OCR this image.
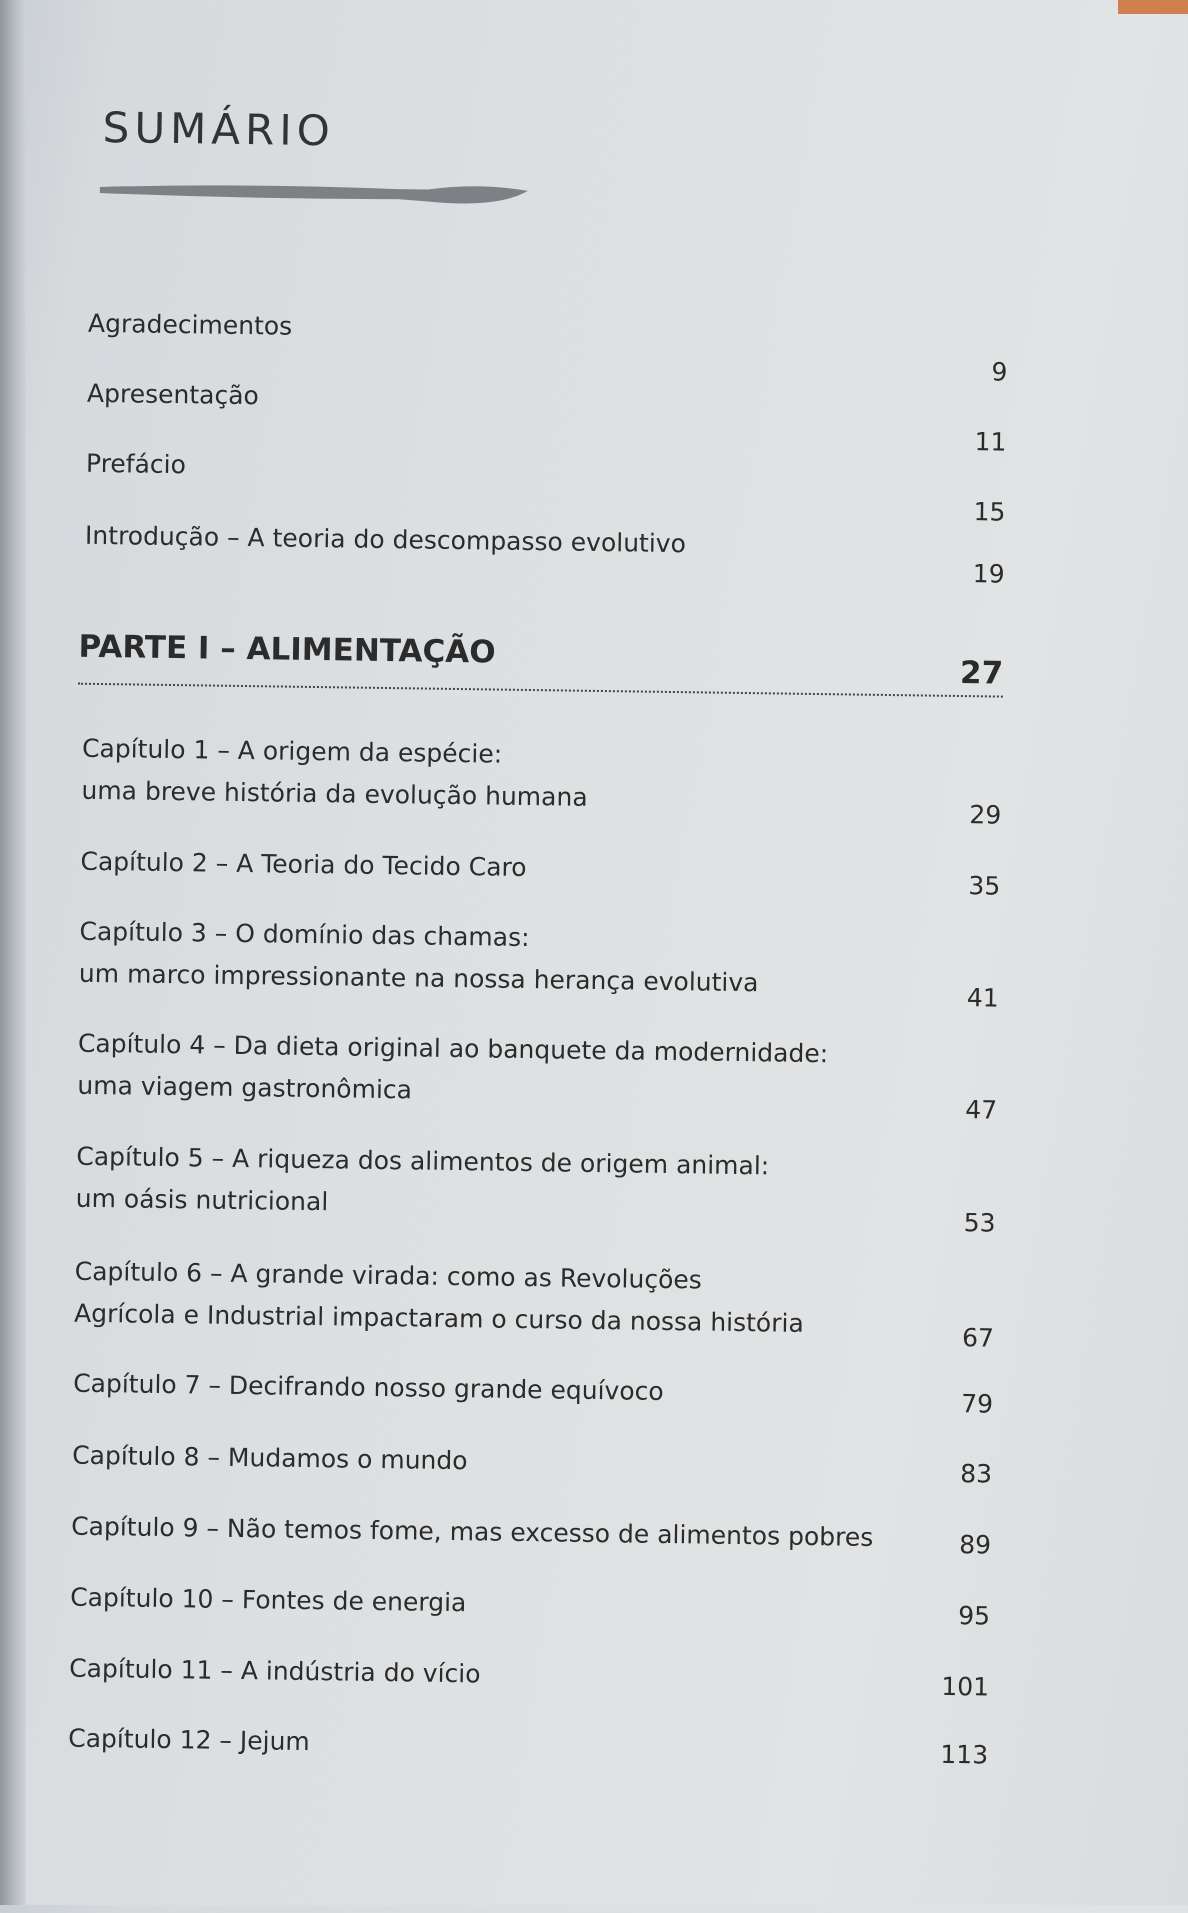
SUMÁRIO
Agradecimentos
9
Apresentação
11
Prefácio
15
Introdução – A teoria do descompasso evolutivo
19
PARTE I – ALIMENTAÇÃO
27
Capítulo 1 – A origem da espécie:
uma breve história da evolução humana
29
Capítulo 2 – A Teoria do Tecido Caro
35
Capítulo 3 – O domínio das chamas:
um marco impressionante na nossa herança evolutiva
41
Capítulo 4 – Da dieta original ao banquete da modernidade:
uma viagem gastronômica
47
Capítulo 5 – A riqueza dos alimentos de origem animal:
um oásis nutricional
53
Capítulo 6 – A grande virada: como as Revoluções
Agrícola e Industrial impactaram o curso da nossa história	67
Capítulo 7 – Decifrando nosso grande equívoco	79
Capítulo 8 – Mudamos o mundo	83
Capítulo 9 – Não temos fome, mas excesso de alimentos pobres	89
Capítulo 10 – Fontes de energia	95
Capítulo 11 – A indústria do vício	101
Capítulo 12 – Jejum	113
